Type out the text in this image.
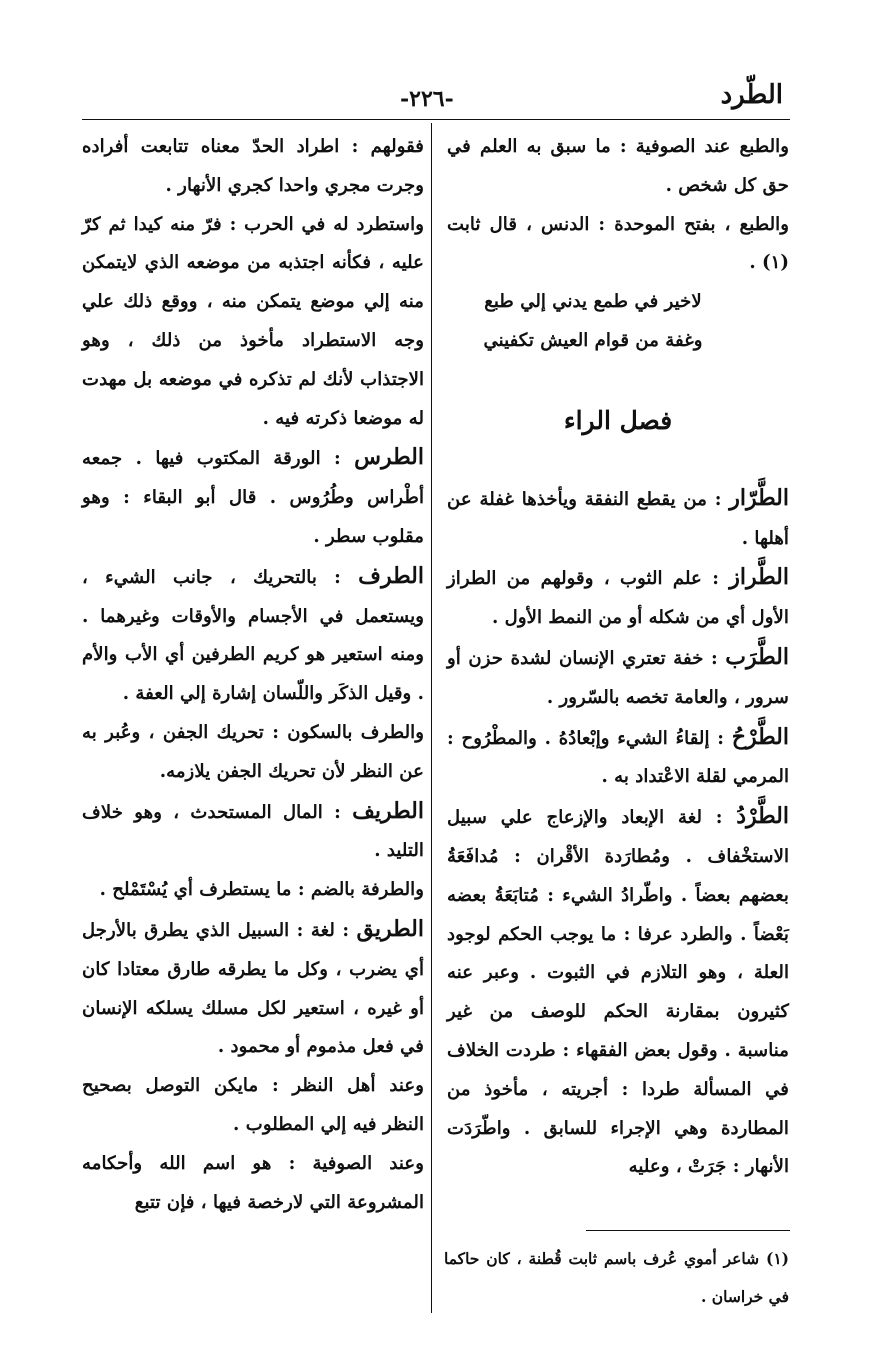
الطّرد
-٢٢٦-

والطبع عند الصوفية : ما سبق به العلم في حق كل شخص .

والطبع ، بفتح الموحدة : الدنس ، قال ثابت (١) .

لاخير في طمع يدني إلي طبع

وغفة من قوام العيش تكفيني

فصل الراء

الطَّرّار : من يقطع النفقة ويأخذها غفلة عن أهلها .

الطَّراز : علم الثوب ، وقولهم من الطراز الأول أي من شكله أو من النمط الأول .

الطَّرَب : خفة تعتري الإنسان لشدة حزن أو سرور ، والعامة تخصه بالسّرور .

الطَّرْحُ : إلقاءُ الشيء وإبْعادُهُ . والمطْرُوح : المرمي لقلة الاعْتداد به .

الطَّرْدُ : لغة الإبعاد والإزعاج علي سبيل الاستخْفاف . ومُطارَدة الأقْران : مُدافَعَةُ بعضهم بعضاً . واطّرادُ الشيء : مُتابَعَةُ بعضه بَعْضاً . والطرد عرفا : ما يوجب الحكم لوجود العلة ، وهو التلازم في الثبوت . وعبر عنه كثيرون بمقارنة الحكم للوصف من غير مناسبة . وقول بعض الفقهاء : طردت الخلاف في المسألة طردا : أجريته ، مأخوذ من المطاردة وهي الإجراء للسابق . واطّرَدَت الأنهار : جَرَتْ ، وعليه

فقولهم : اطراد الحدّ معناه تتابعت أفراده وجرت مجري واحدا كجري الأنهار .

واستطرد له في الحرب : فرّ منه كيدا ثم كرّ عليه ، فكأنه اجتذبه من موضعه الذي لايتمكن منه إلي موضع يتمكن منه ، ووقع ذلك علي وجه الاستطراد مأخوذ من ذلك ، وهو الاجتذاب لأنك لم تذكره في موضعه بل مهدت له موضعا ذكرته فيه .

الطرس : الورقة المكتوب فيها . جمعه أطْراس وطُرُوس . قال أبو البقاء : وهو مقلوب سطر .

الطرف : بالتحريك ، جانب الشيء ، ويستعمل في الأجسام والأوقات وغيرهما . ومنه استعير هو كريم الطرفين أي الأب والأم . وقيل الذكَر واللّسان إشارة إلي العفة .

والطرف بالسكون : تحريك الجفن ، وعُبر به عن النظر لأن تحريك الجفن يلازمه.

الطريف : المال المستحدث ، وهو خلاف التليد .

والطرفة بالضم : ما يستطرف أي يُسْتَمْلح .

الطريق : لغة : السبيل الذي يطرق بالأرجل أي يضرب ، وكل ما يطرقه طارق معتادا كان أو غيره ، استعير لكل مسلك يسلكه الإنسان في فعل مذموم أو محمود .

وعند أهل النظر : مايكن التوصل بصحيح النظر فيه إلي المطلوب .

وعند الصوفية : هو اسم الله وأحكامه المشروعة التي لارخصة فيها ، فإن تتبع

(١) شاعر أموي عُرف باسم ثابت قُطنة ، كان حاكما في خراسان .
